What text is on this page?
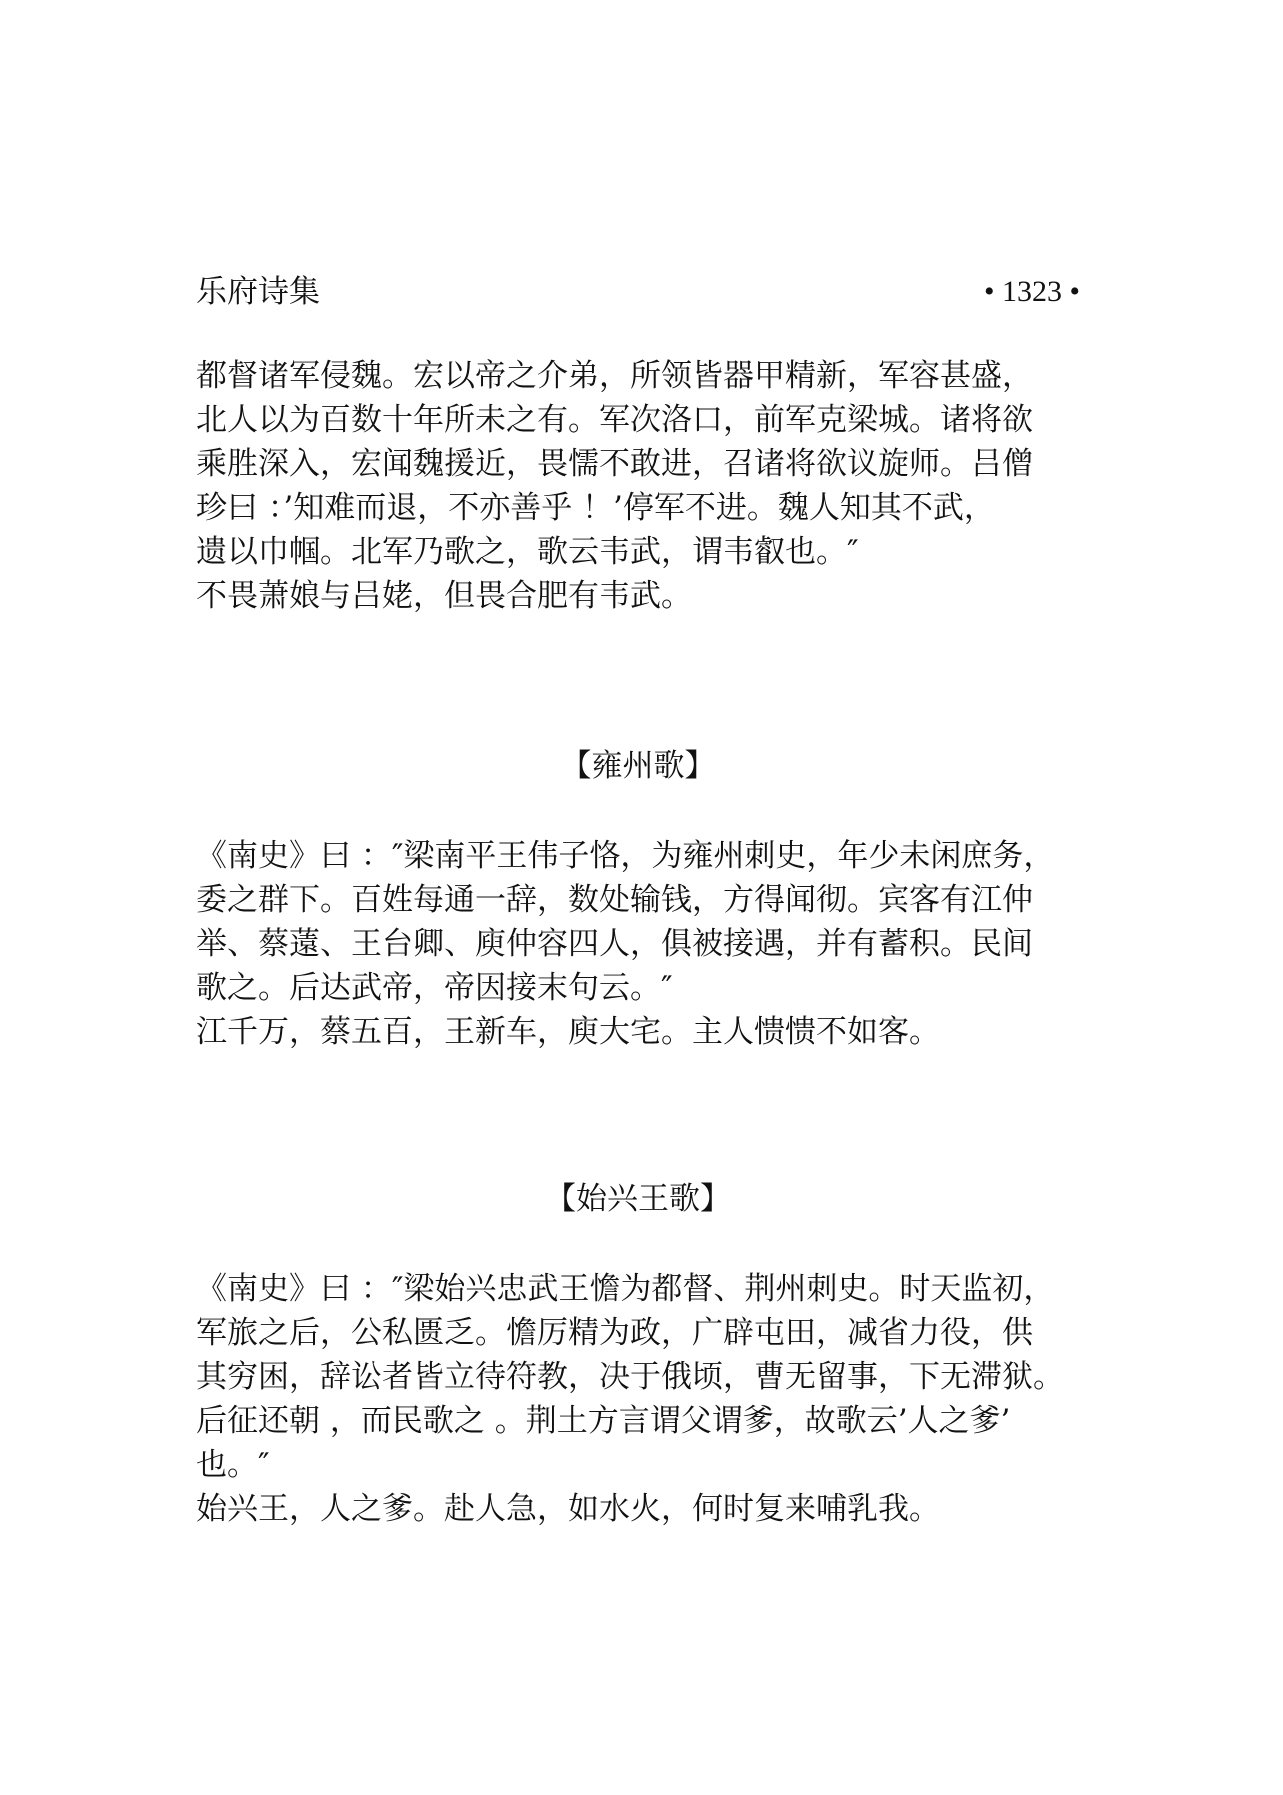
乐府诗集	• 1323 •
都督诸军侵魏。宏以帝之介弟，所领皆器甲精新，军容甚盛，
北人以为百数十年所未之有。军次洛口，前军克梁城。诸将欲
乘胜深入，宏闻魏援近，畏懦不敢进，召诸将欲议旋师。吕僧
珍曰 ：’知难而退，不亦善乎 ！’停军不进。魏人知其不武，
遗以巾帼。北军乃歌之，歌云韦武，谓韦叡也。″
不畏萧娘与吕姥，但畏合肥有韦武。
【雍州歌】
《南史》曰 ：″梁南平王伟子恪，为雍州刺史，年少未闲庶务，
委之群下。百姓每通一辞，数处输钱，方得闻彻。宾客有江仲
举、蔡薳、王台卿、庾仲容四人，俱被接遇，并有蓄积。民间
歌之。后达武帝，帝因接末句云。″
江千万，蔡五百，王新车，庾大宅。主人愦愦不如客。
【始兴王歌】
《南史》曰 ：″梁始兴忠武王憺为都督、荆州刺史。时天监初，
军旅之后，公私匮乏。憺厉精为政，广辟屯田，减省力役，供
其穷困，辞讼者皆立待符教，决于俄顷，曹无留事，下无滞狱。
后征还朝 ，而民歌之 。荆土方言谓父谓爹，故歌云’人之爹’
也。″
始兴王，人之爹。赴人急，如水火，何时复来哺乳我。
